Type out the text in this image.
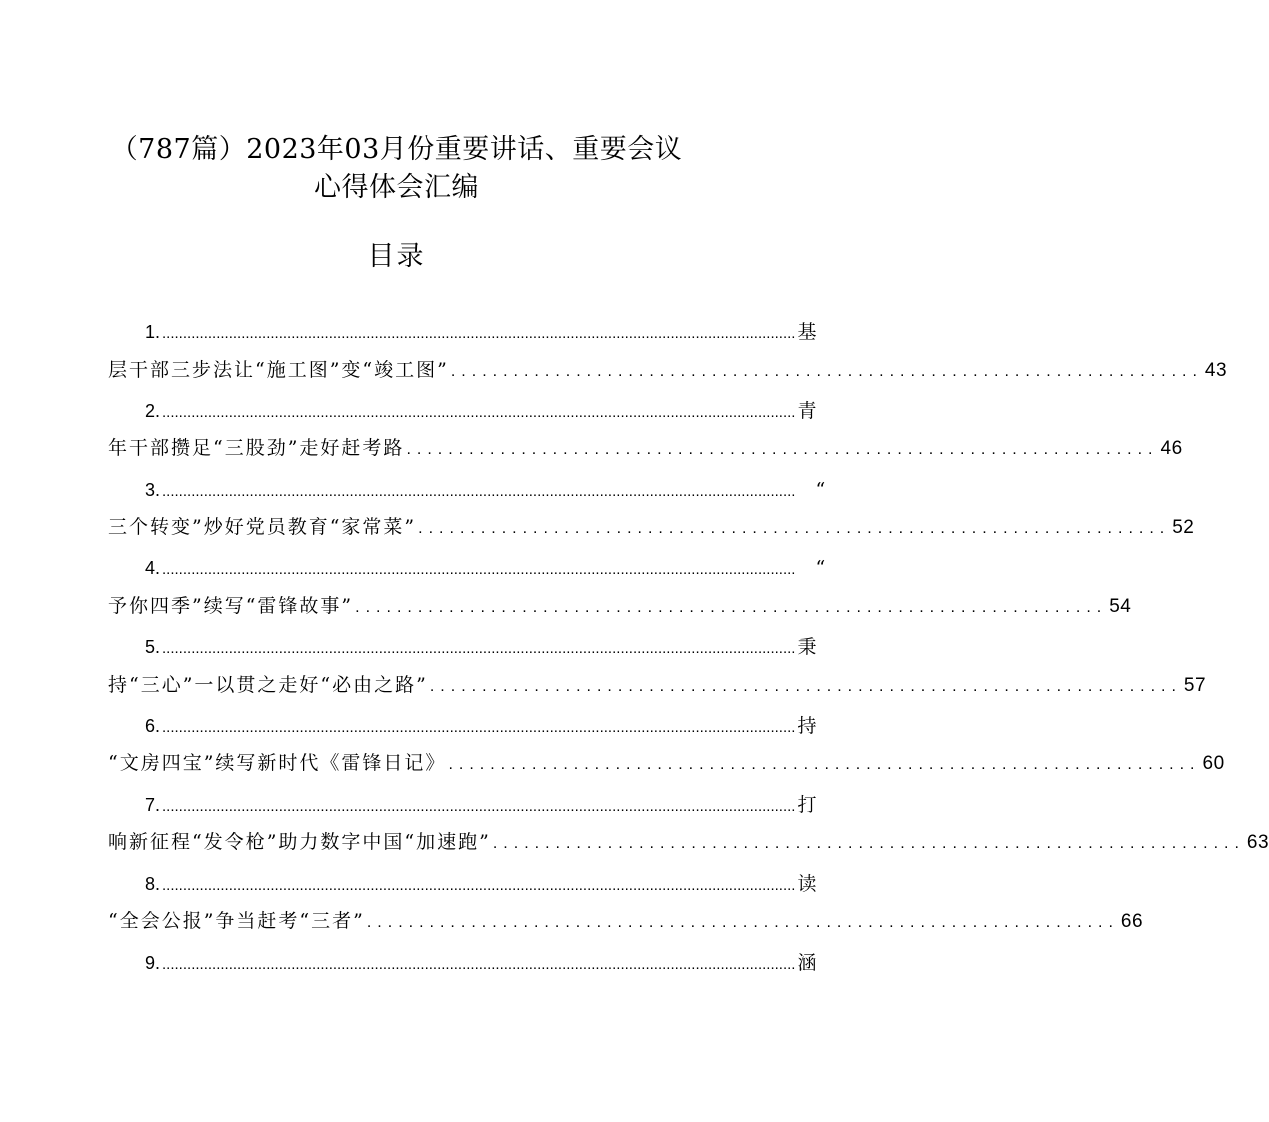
（787篇）2023年03月份重要讲话、重要会议
心得体会汇编
目录
1. ........................................................................................................................................................ 基
层干部三步法让“施工图”变“竣工图” ........................................................................ 43
2. ........................................................................................................................................................ 青
年干部攒足“三股劲”走好赶考路 ........................................................................ 46
3. ........................................................................................................................................................ “
三个转变”炒好党员教育“家常菜” ........................................................................ 52
4. ........................................................................................................................................................ “
予你四季”续写“雷锋故事” ........................................................................ 54
5. ........................................................................................................................................................ 秉
持“三心”一以贯之走好“必由之路” ........................................................................ 57
6. ........................................................................................................................................................ 持
“文房四宝”续写新时代《雷锋日记》 ........................................................................ 60
7. ........................................................................................................................................................ 打
响新征程“发令枪”助力数字中国“加速跑” ........................................................................ 63
8. ........................................................................................................................................................ 读
“全会公报”争当赶考“三者” ........................................................................ 66
9. ........................................................................................................................................................ 涵
